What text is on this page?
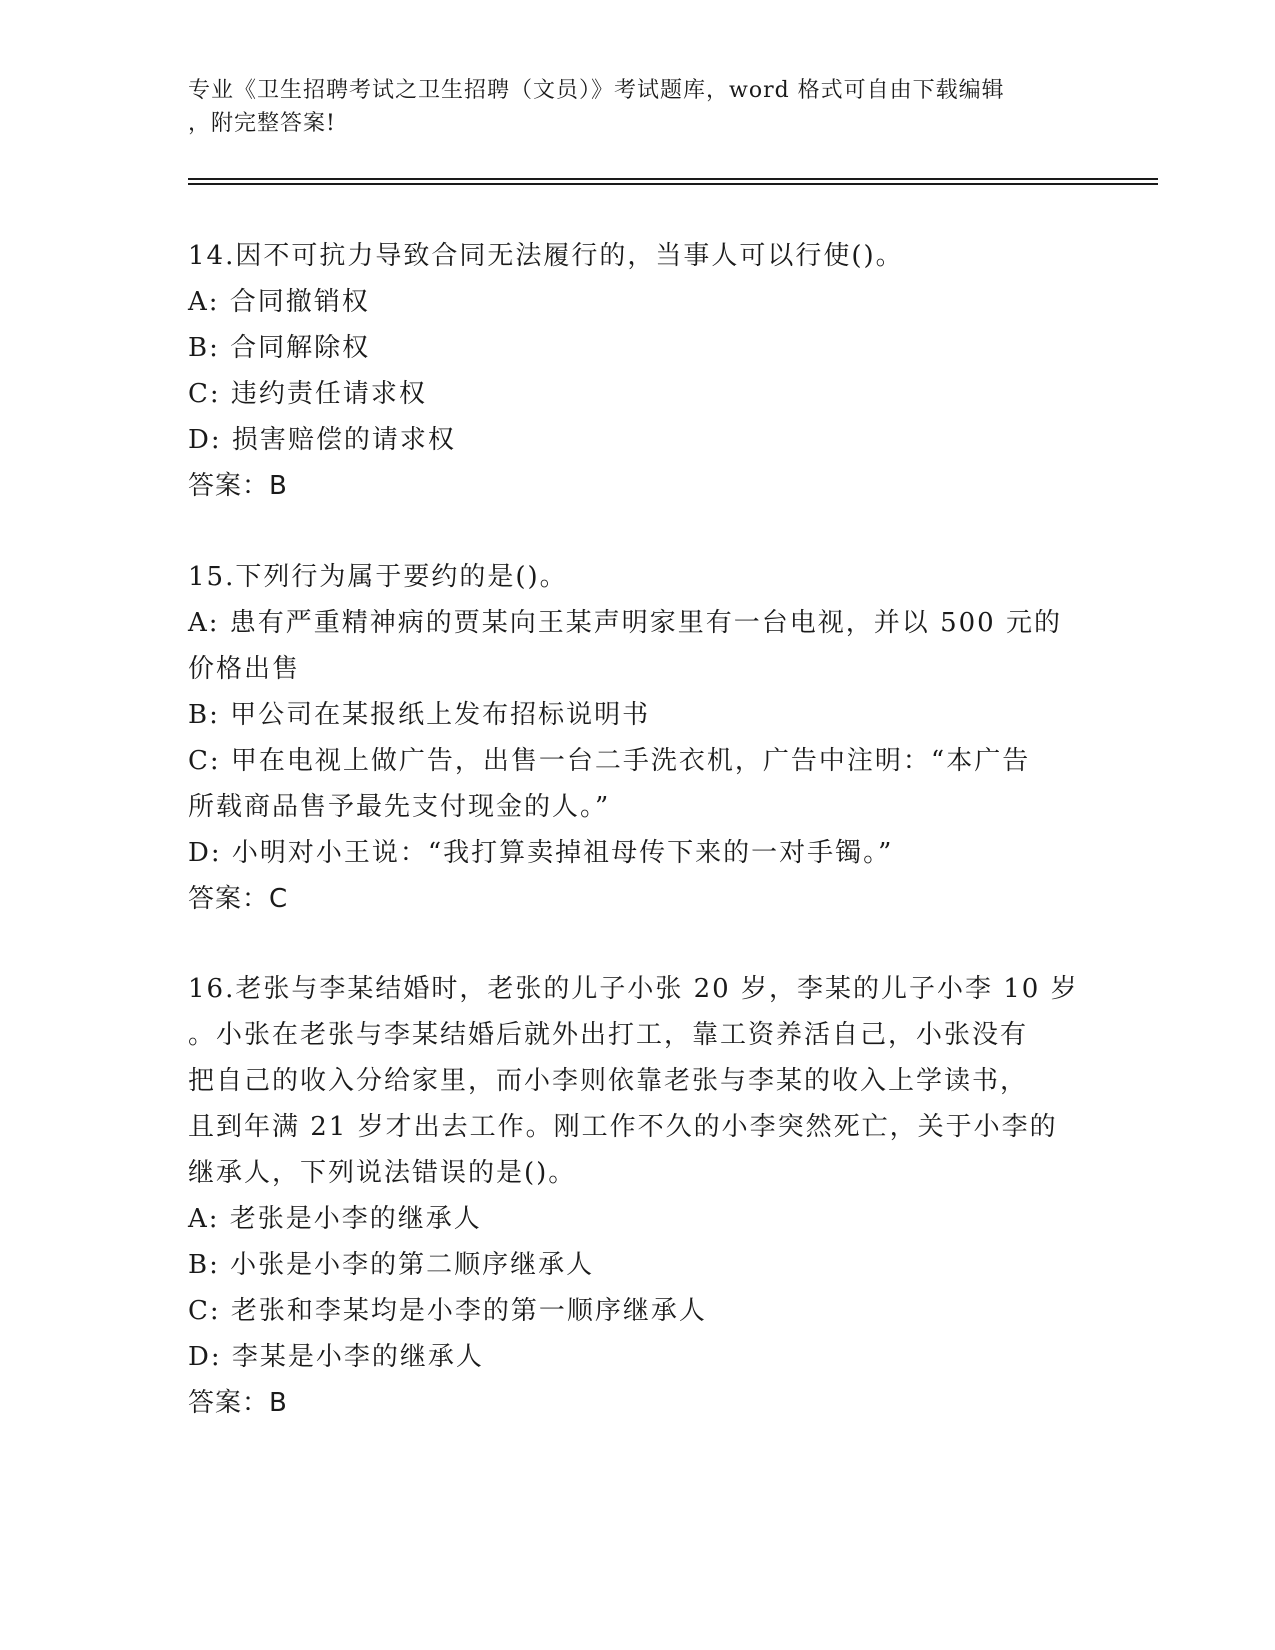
专业《卫生招聘考试之卫生招聘（文员）》考试题库，word 格式可自由下载编辑
，附完整答案!
14.因不可抗力导致合同无法履行的，当事人可以行使()。
A: 合同撤销权
B: 合同解除权
C: 违约责任请求权
D: 损害赔偿的请求权
答案：B
15.下列行为属于要约的是()。
A: 患有严重精神病的贾某向王某声明家里有一台电视，并以 500 元的
价格出售
B: 甲公司在某报纸上发布招标说明书
C: 甲在电视上做广告，出售一台二手洗衣机，广告中注明：“本广告
所载商品售予最先支付现金的人。”
D: 小明对小王说：“我打算卖掉祖母传下来的一对手镯。”
答案：C
16.老张与李某结婚时，老张的儿子小张 20 岁，李某的儿子小李 10 岁
。小张在老张与李某结婚后就外出打工，靠工资养活自己，小张没有
把自己的收入分给家里，而小李则依靠老张与李某的收入上学读书，
且到年满 21 岁才出去工作。刚工作不久的小李突然死亡，关于小李的
继承人，下列说法错误的是()。
A: 老张是小李的继承人
B: 小张是小李的第二顺序继承人
C: 老张和李某均是小李的第一顺序继承人
D: 李某是小李的继承人
答案：B
